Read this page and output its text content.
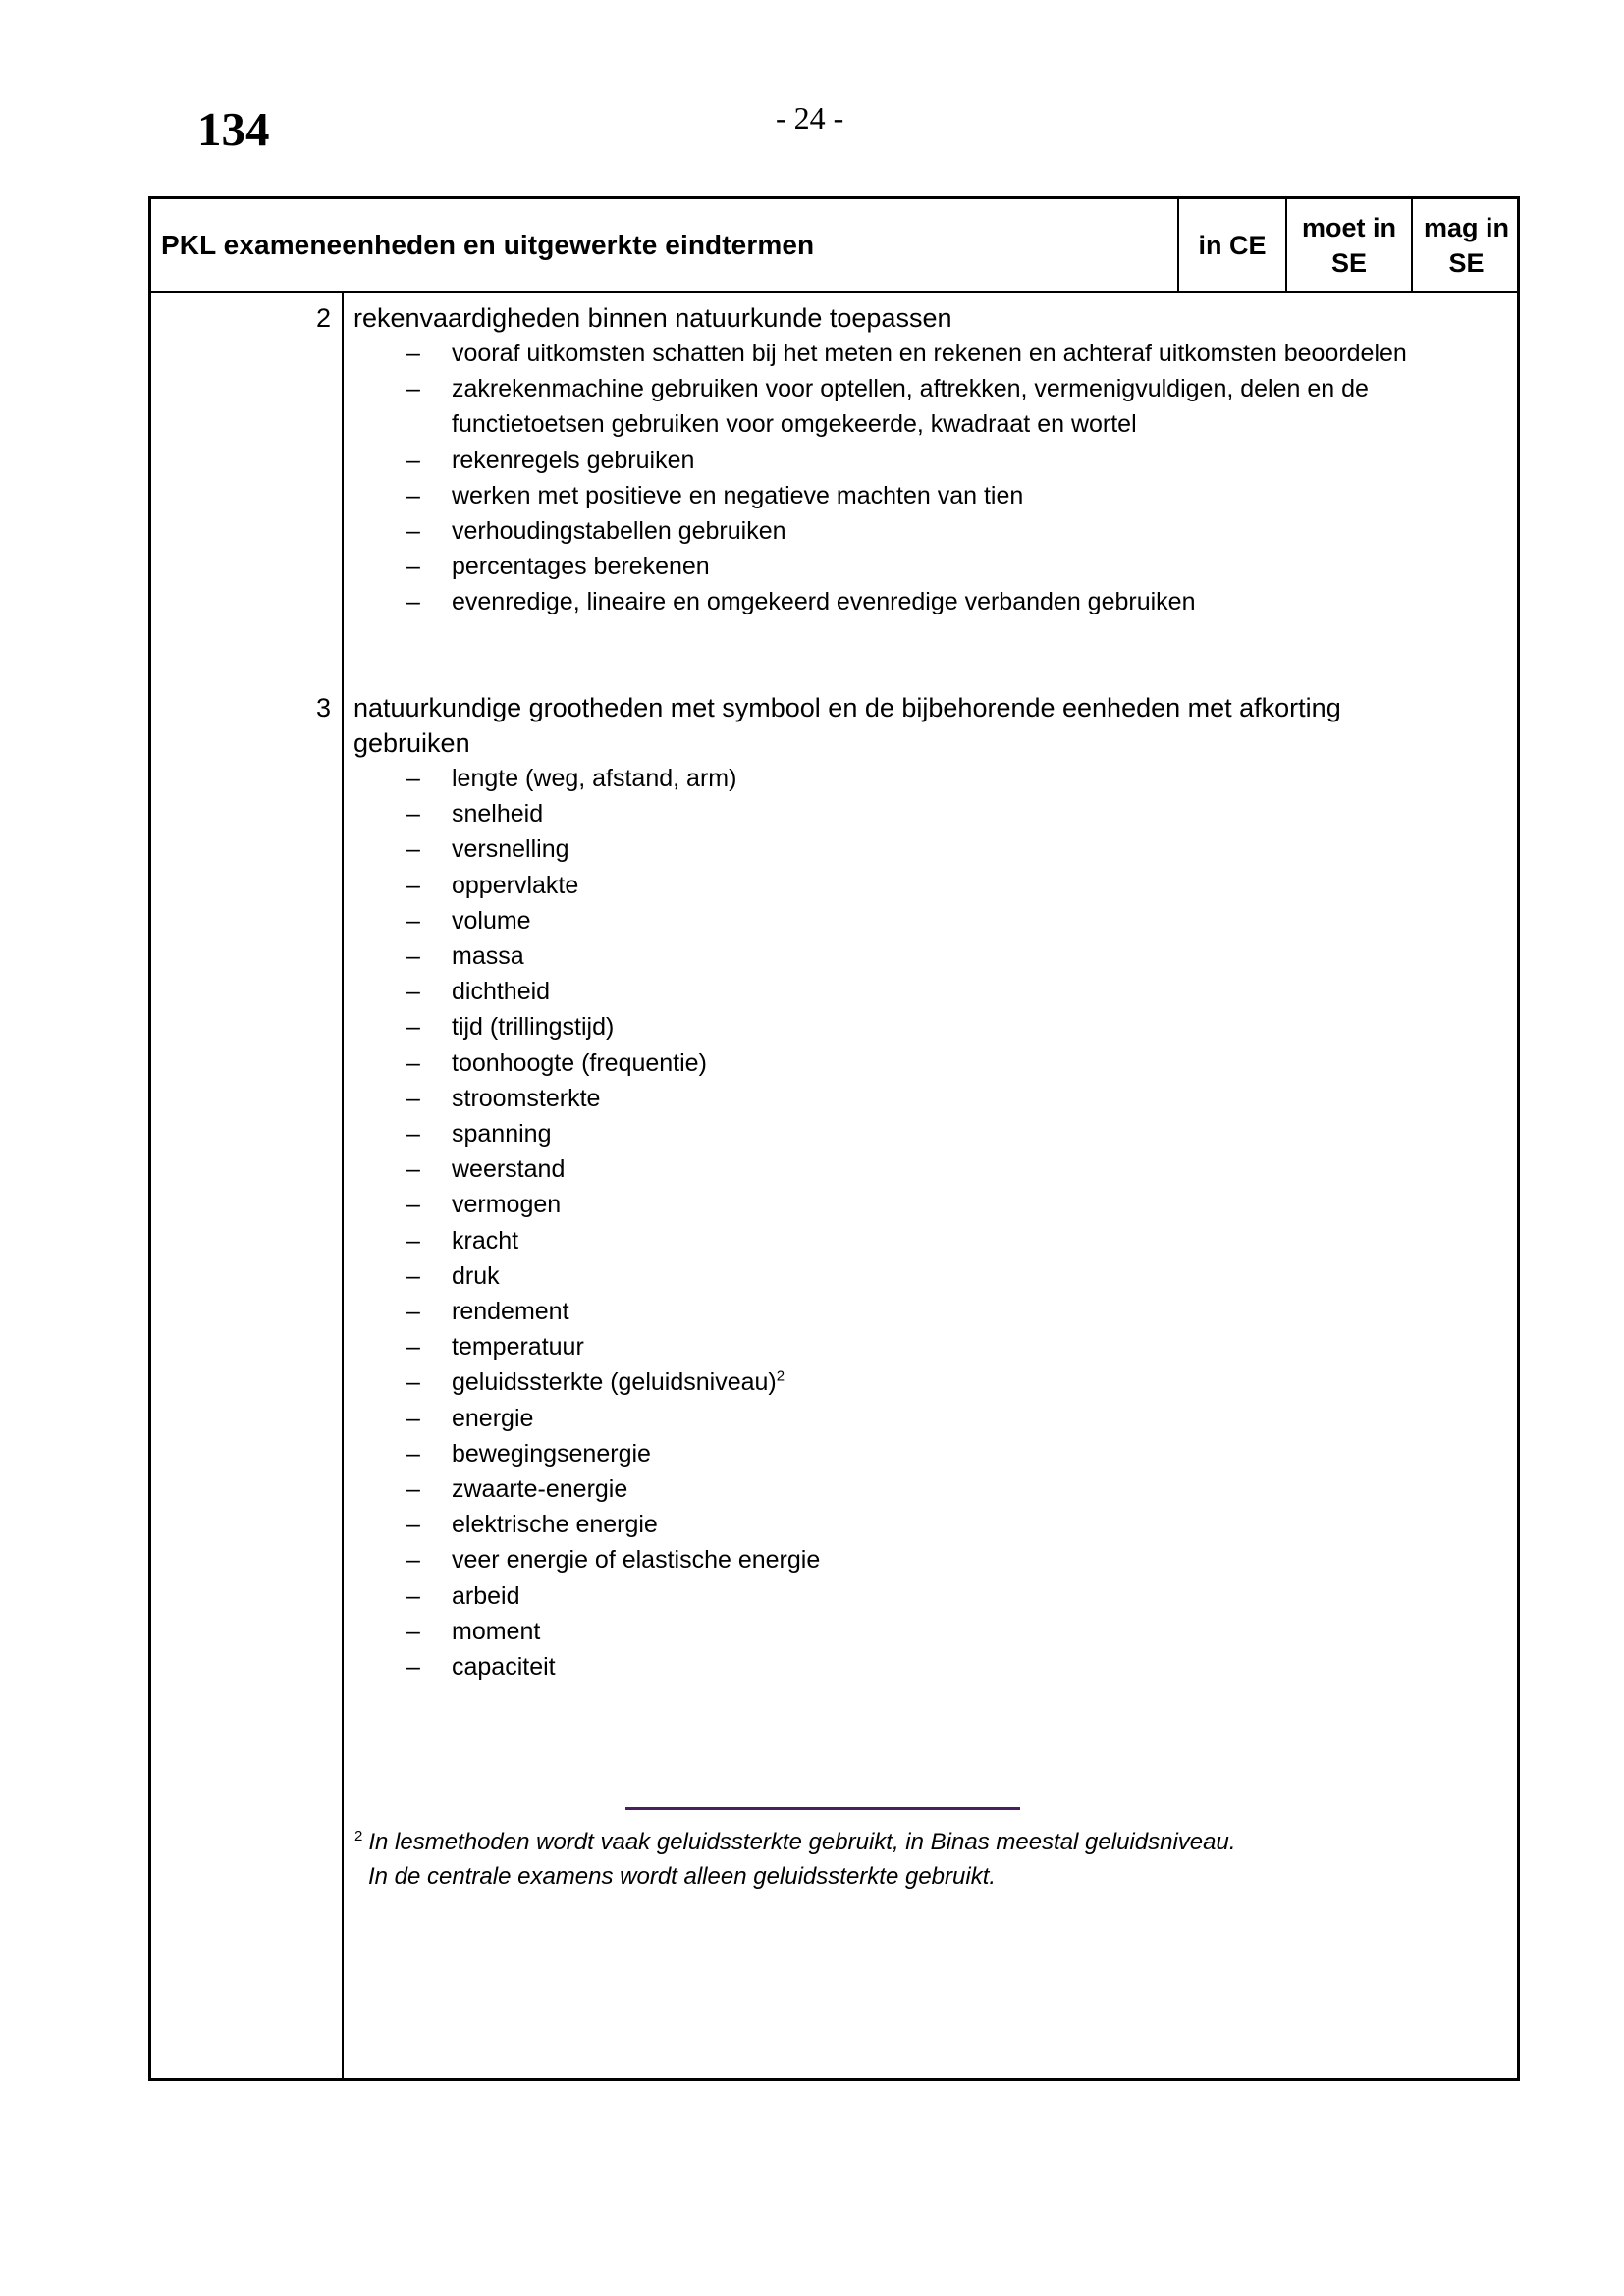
134	- 24 -
PKL exameneenheden en uitgewerkte eindtermen	in CE
moet in SE
mag in SE
2 rekenvaardigheden binnen natuurkunde toepassen
– vooraf uitkomsten schatten bij het meten en rekenen en achteraf uitkomsten beoordelen
– zakrekenmachine gebruiken voor optellen, aftrekken, vermenigvuldigen, delen en de functietoetsen gebruiken voor omgekeerde, kwadraat en wortel
– rekenregels gebruiken
– werken met positieve en negatieve machten van tien
– verhoudingstabellen gebruiken
– percentages berekenen
– evenredige, lineaire en omgekeerd evenredige verbanden gebruiken
3 natuurkundige grootheden met symbool en de bijbehorende eenheden met afkorting gebruiken
– lengte (weg, afstand, arm)
– snelheid
– versnelling
– oppervlakte
– volume
– massa
– dichtheid
– tijd (trillingstijd)
– toonhoogte (frequentie)
– stroomsterkte
– spanning
– weerstand
– vermogen
– kracht
– druk
– rendement
– temperatuur
– geluidssterkte (geluidsniveau)$^2$
– energie
– bewegingsenergie
– zwaarte-energie
– elektrische energie
– veer energie of elastische energie
– arbeid
– moment
– capaciteit
$^2$ In lesmethoden wordt vaak geluidssterkte gebruikt, in Binas meestal geluidsniveau.
In de centrale examens wordt alleen geluidssterkte gebruikt.
